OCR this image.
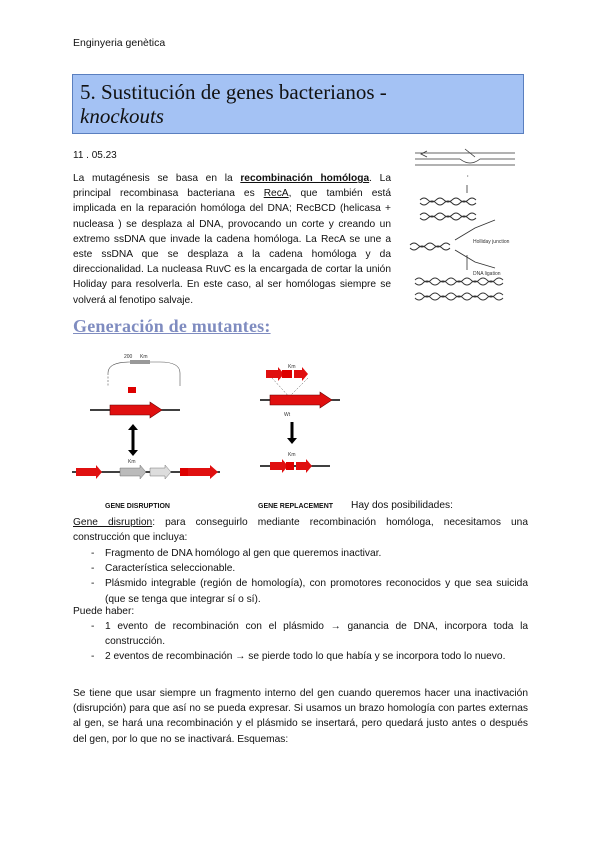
Enginyeria genètica
5. Sustitución de genes bacterianos -
knockouts
11 . 05.23
La mutagénesis se basa en la recombinación homóloga. La principal recombinasa bacteriana es RecA, que también está implicada en la reparación homóloga del DNA; RecBCD (helicasa + nucleasa ) se desplaza al DNA, provocando un corte y creando un extremo ssDNA que invade la cadena homóloga. La RecA se une a este ssDNA que se desplaza a la cadena homóloga y da direccionalidad. La nucleasa RuvC es la encargada de cortar la unión Holiday para resolverla. En este caso, al ser homólogas siempre se volverá al fenotipo salvaje.
•
Holliday junction
DNA ligation
Generación de mutantes:
200 Km
Km
Km
Wt
Km
GENE DISRUPTION	GENE REPLACEMENT Hay dos posibilidades:
Gene disruption: para conseguirlo mediante recombinación homóloga, necesitamos una construcción que incluya:
- Fragmento de DNA homólogo al gen que queremos inactivar.
- Característica seleccionable.
- Plásmido integrable (región de homología), con promotores reconocidos y que sea suicida (que se tenga que integrar sí o sí).
Puede haber:
- 1 evento de recombinación con el plásmido → ganancia de DNA, incorpora toda la construcción.
- 2 eventos de recombinación → se pierde todo lo que había y se incorpora todo lo nuevo.
Se tiene que usar siempre un fragmento interno del gen cuando queremos hacer una inactivación (disrupción) para que así no se pueda expresar. Si usamos un brazo homología con partes externas al gen, se hará una recombinación y el plásmido se insertará, pero quedará justo antes o después del gen, por lo que no se inactivará. Esquemas:
